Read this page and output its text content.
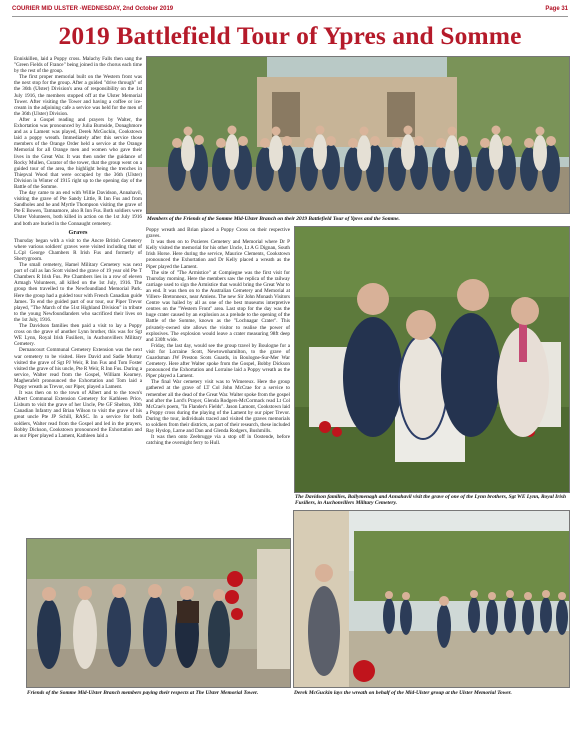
COURIER MID ULSTER -WEDNESDAY, 2nd October 2019	Page 31
2019 Battlefield Tour of Ypres and Somme

Enniskillen, laid a Poppy cross. Malachy Falls then sang the "Green Fields of France" being joined in the chorus each time by the rest of the group.

The first proper memorial built on the Western front was the next stop for the group. After a guided "drive through" of the 36th (Ulster) Division's area of responsibility on the 1st July 1916, the members stopped off at the Ulster Memorial Tower. After visiting the Tower and having a coffee or ice-cream in the adjoining cafe a service was held for the men of the 36th (Ulster) Division.

After a Gospel reading and prayers by Walter, the Exhortation was pronounced by Julia Burnside, Donaghmore and as a Lament was played, Derek McGuckin, Cookstown laid a poppy wreath. Immediately after this service those members of the Orange Order held a service at the Orange Memorial for all Orange men and women who gave their lives in the Great War. It was then under the guidance of Rocky Mullen, Curator of the tower, that the group went on a guided tour of the area, the highlight being the trenches in Thiepval Wood that were occupied by the 36th (Ulster) Division in Winter of 1915 right up to the opening day of the Battle of the Somme.

The day came to an end with Willie Davidson, Annahavil, visiting the grave of Pte Sandy Little, R Inn Fus and from Sandholes and he and Myrtle Thompson visiting the grave of Pte E Bowen, Tamnamore, also R Inn Fus. Both soldiers were Ulster Volunteers, both killed in action on the 1st July 1916 and both are buried in the Connaught cemetery.

Graves

Thursday began with a visit to the Ancre British Cemetery where various soldiers' graves were visited including that of L.Cpl George Chambers R Irish Fus and formerly of Sherrygroom.

The small cemetery, Hamel Military Cemetery was next port of call as Ian Scott visited the grave of 19 year old Pte T Chambers R Irish Fus. Pte Chambers lies in a row of eleven Armagh Volunteers, all killed on the 1st July, 1916. The group then travelled to the Newfoundland Memorial Park. Here the group had a guided tour with French Canadian guide James. To end the guided part of our tour, our Piper Trevor played, "The March of the 51st Highland Division" in tribute to the young Newfoundlanders who sacrificed their lives on the 1st July, 1916.

The Davidson families then paid a visit to lay a Poppy cross on the grave of another Lynn brother, this was for Sgt WE Lynn, Royal Irish Fusiliers, in Auchonvillers Military Cemetery.

Dernancourt Communal Cemetery Extension was the next war cemetery to be visited. Here David and Sadie Murray visited the grave of Sgt PJ Weir, R Inn Fus and Tom Foster visited the grave of his uncle, Pte R Weir, R Inn Fus. During a service, Walter read from the Gospel, William Kearney, Magherafelt pronounced the Exhortation and Tom laid a Poppy wreath as Trevor, our Piper, played a Lament.

It was then on to the town of Albert and to the town's Albert Communal Extension Cemetery for Kathleen Price, Lisburn to visit the grave of her Uncle, Pte GF Shelton, 10th Canadian Infantry and Brian Wilson to visit the grave of his great uncle Pte JP Schill, RASC. In a service for both soldiers, Walter read from the Gospel and led in the prayers, Bobby Dickson, Cookstown pronounced the Exhortation and as our Piper played a Lament, Kathleen laid a

Members of the Friends of the Somme Mid-Ulster Branch on their 2019 Battlefield Tour of Ypres and the Somme.

Poppy wreath and Brian placed a Poppy Cross on their respective graves.

It was then on to Pozieres Cemetery and Memorial where Dr P Kelly visited the memorial for his other Uncle, Lt A G Dignan, South Irish Horse. Here during the service, Maurice Clements, Cookstown pronounced the Exhortation and Dr Kelly placed a wreath as the Piper played the Lament.

The site of "The Armistice" at Compiegne was the first visit for Thursday morning. Here the members saw the replica of the railway carriage used to sign the Armistice that would bring the Great War to an end. It was then on to the Australian Cemetery and Memorial at Villers- Bretonneux, near Amiens. The new Sir John Monash Visitors Centre was hailed by all as one of the best museums interpretive centres on the "Western Front" area. Last stop for the day was the huge crater caused by an explosion as a prelude to the opening of the Battle of the Somme, known as the "Lochnagar Crater". This privately-owned site allows the visitor to realise the power of explosives. The explosion would leave a crater measuring 98ft deep and 330ft wide.

Friday, the last day, would see the group travel by Boulogne for a visit for Lorraine Scott, Newtownhamilton, to the grave of Guardsman JW Preston Scots Guards, in Boulogne-Sur-Mer War Cemetery. Here after Walter spoke from the Gospel, Bobby Dickson pronounced the Exhortation and Lorraine laid a Poppy wreath as the Piper played a Lament.

The final War cemetery visit was to Wimereux. Here the group gathered at the grave of LT Col John McCrae for a service to remember all the dead of the Great War. Walter spoke from the gospel and after the Lord's Prayer, Glenda Rodgers-McCormack read Lt Col McCrae's poem, "In Flander's Fields". Jason Lamont, Cookstown laid a Poppy cross during the playing of the Lament by our piper Trevor. During the tour, individuals traced and visited the graves memorials to soldiers from their districts, as part of their research, these included Ray Hyslop, Larne and Dan and Glenda Rodgers, Bushmills.

It was then onto Zeebrugge via a stop off in Oostende, before catching the overnight ferry to Hull.

The Davidson families, Ballymenagh and Annahavil visit the grave of one of the Lynn brothers, Sgt WE Lynn, Royal Irish Fusiliers, in Auchonvillers Military Cemetery.
Friends of the Somme Mid-Ulster Branch members paying their respects at The Ulster Memorial Tower.	Derek McGuckin lays the wreath on behalf of the Mid-Ulster group at the Ulster Memorial Tower.
